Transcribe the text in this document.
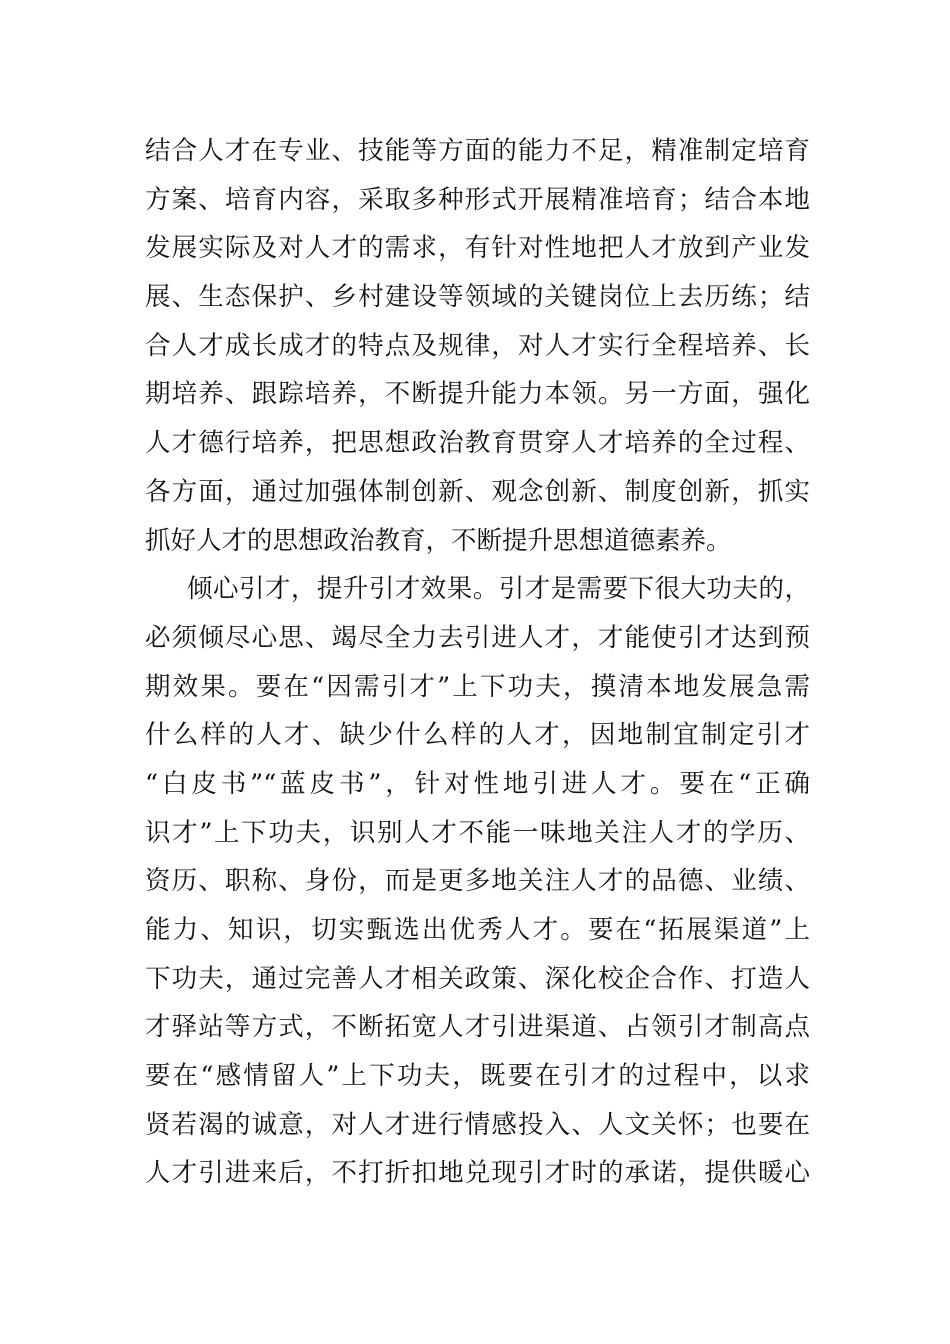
结合人才在专业、技能等方面的能力不足，精准制定培育
方案、培育内容，采取多种形式开展精准培育；结合本地
发展实际及对人才的需求，有针对性地把人才放到产业发
展、生态保护、乡村建设等领域的关键岗位上去历练；结
合人才成长成才的特点及规律，对人才实行全程培养、长
期培养、跟踪培养，不断提升能力本领。另一方面，强化
人才德行培养，把思想政治教育贯穿人才培养的全过程、
各方面，通过加强体制创新、观念创新、制度创新，抓实
抓好人才的思想政治教育，不断提升思想道德素养。
倾心引才，提升引才效果。引才是需要下很大功夫的，
必须倾尽心思、竭尽全力去引进人才，才能使引才达到预
期效果。要在“因需引才”上下功夫，摸清本地发展急需
什么样的人才、缺少什么样的人才，因地制宜制定引才
“白皮书”“蓝皮书”，针对性地引进人才。要在“正确
识才”上下功夫，识别人才不能一味地关注人才的学历、
资历、职称、身份，而是更多地关注人才的品德、业绩、
能力、知识，切实甄选出优秀人才。要在“拓展渠道”上
下功夫，通过完善人才相关政策、深化校企合作、打造人
才驿站等方式，不断拓宽人才引进渠道、占领引才制高点
要在“感情留人”上下功夫，既要在引才的过程中，以求
贤若渴的诚意，对人才进行情感投入、人文关怀；也要在
人才引进来后，不打折扣地兑现引才时的承诺，提供暖心
